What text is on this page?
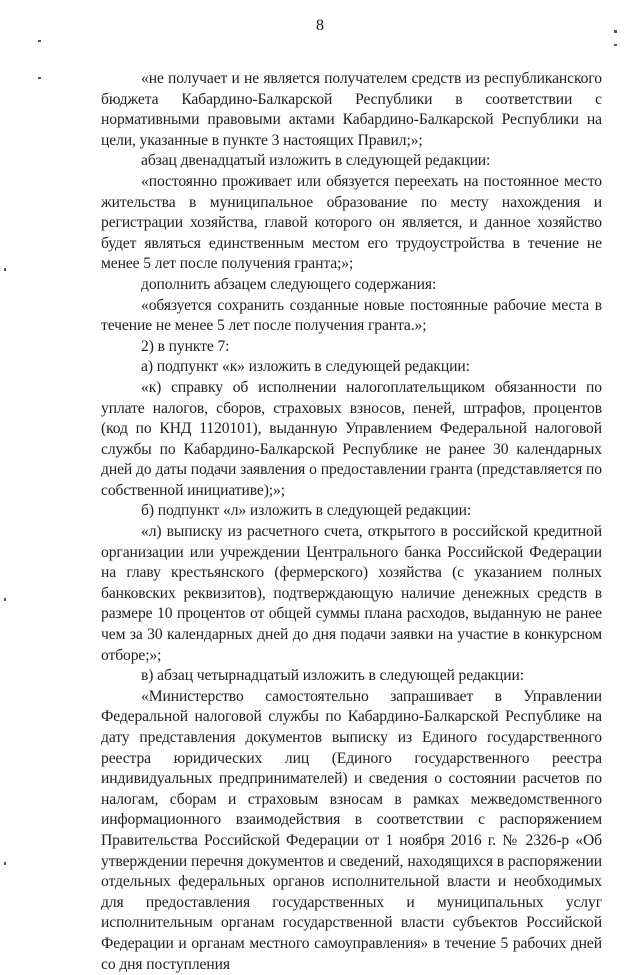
8

«не получает и не является получателем средств из республиканского бюджета Кабардино-Балкарской Республики в соответствии с нормативными правовыми актами Кабардино-Балкарской Республики на цели, указанные в пункте 3 настоящих Правил;»;

абзац двенадцатый изложить в следующей редакции:

«постоянно проживает или обязуется переехать на постоянное место жительства в муниципальное образование по месту нахождения и регистрации хозяйства, главой которого он является, и данное хозяйство будет являться единственным местом его трудоустройства в течение не менее 5 лет после получения гранта;»;

дополнить абзацем следующего содержания:

«обязуется сохранить созданные новые постоянные рабочие места в течение не менее 5 лет после получения гранта.»;

2) в пункте 7:

а) подпункт «к» изложить в следующей редакции:

«к) справку об исполнении налогоплательщиком обязанности по уплате налогов, сборов, страховых взносов, пеней, штрафов, процентов (код по КНД 1120101), выданную Управлением Федеральной налоговой службы по Кабардино-Балкарской Республике не ранее 30 календарных дней до даты подачи заявления о предоставлении гранта (представляется по собственной инициативе);»;

б) подпункт «л» изложить в следующей редакции:

«л) выписку из расчетного счета, открытого в российской кредитной организации или учреждении Центрального банка Российской Федерации на главу крестьянского (фермерского) хозяйства (с указанием полных банковских реквизитов), подтверждающую наличие денежных средств в размере 10 процентов от общей суммы плана расходов, выданную не ранее чем за 30 календарных дней до дня подачи заявки на участие в конкурсном отборе;»;

в) абзац четырнадцатый изложить в следующей редакции:

«Министерство самостоятельно запрашивает в Управлении Федеральной налоговой службы по Кабардино-Балкарской Республике на дату представления документов выписку из Единого государственного реестра юридических лиц (Единого государственного реестра индивидуальных предпринимателей) и сведения о состоянии расчетов по налогам, сборам и страховым взносам в рамках межведомственного информационного взаимодействия в соответствии с распоряжением Правительства Российской Федерации от 1 ноября 2016 г. № 2326-р «Об утверждении перечня документов и сведений, находящихся в распоряжении отдельных федеральных органов исполнительной власти и необходимых для предоставления государственных и муниципальных услуг исполнительным органам государственной власти субъектов Российской Федерации и органам местного самоуправления» в течение 5 рабочих дней со дня поступления
